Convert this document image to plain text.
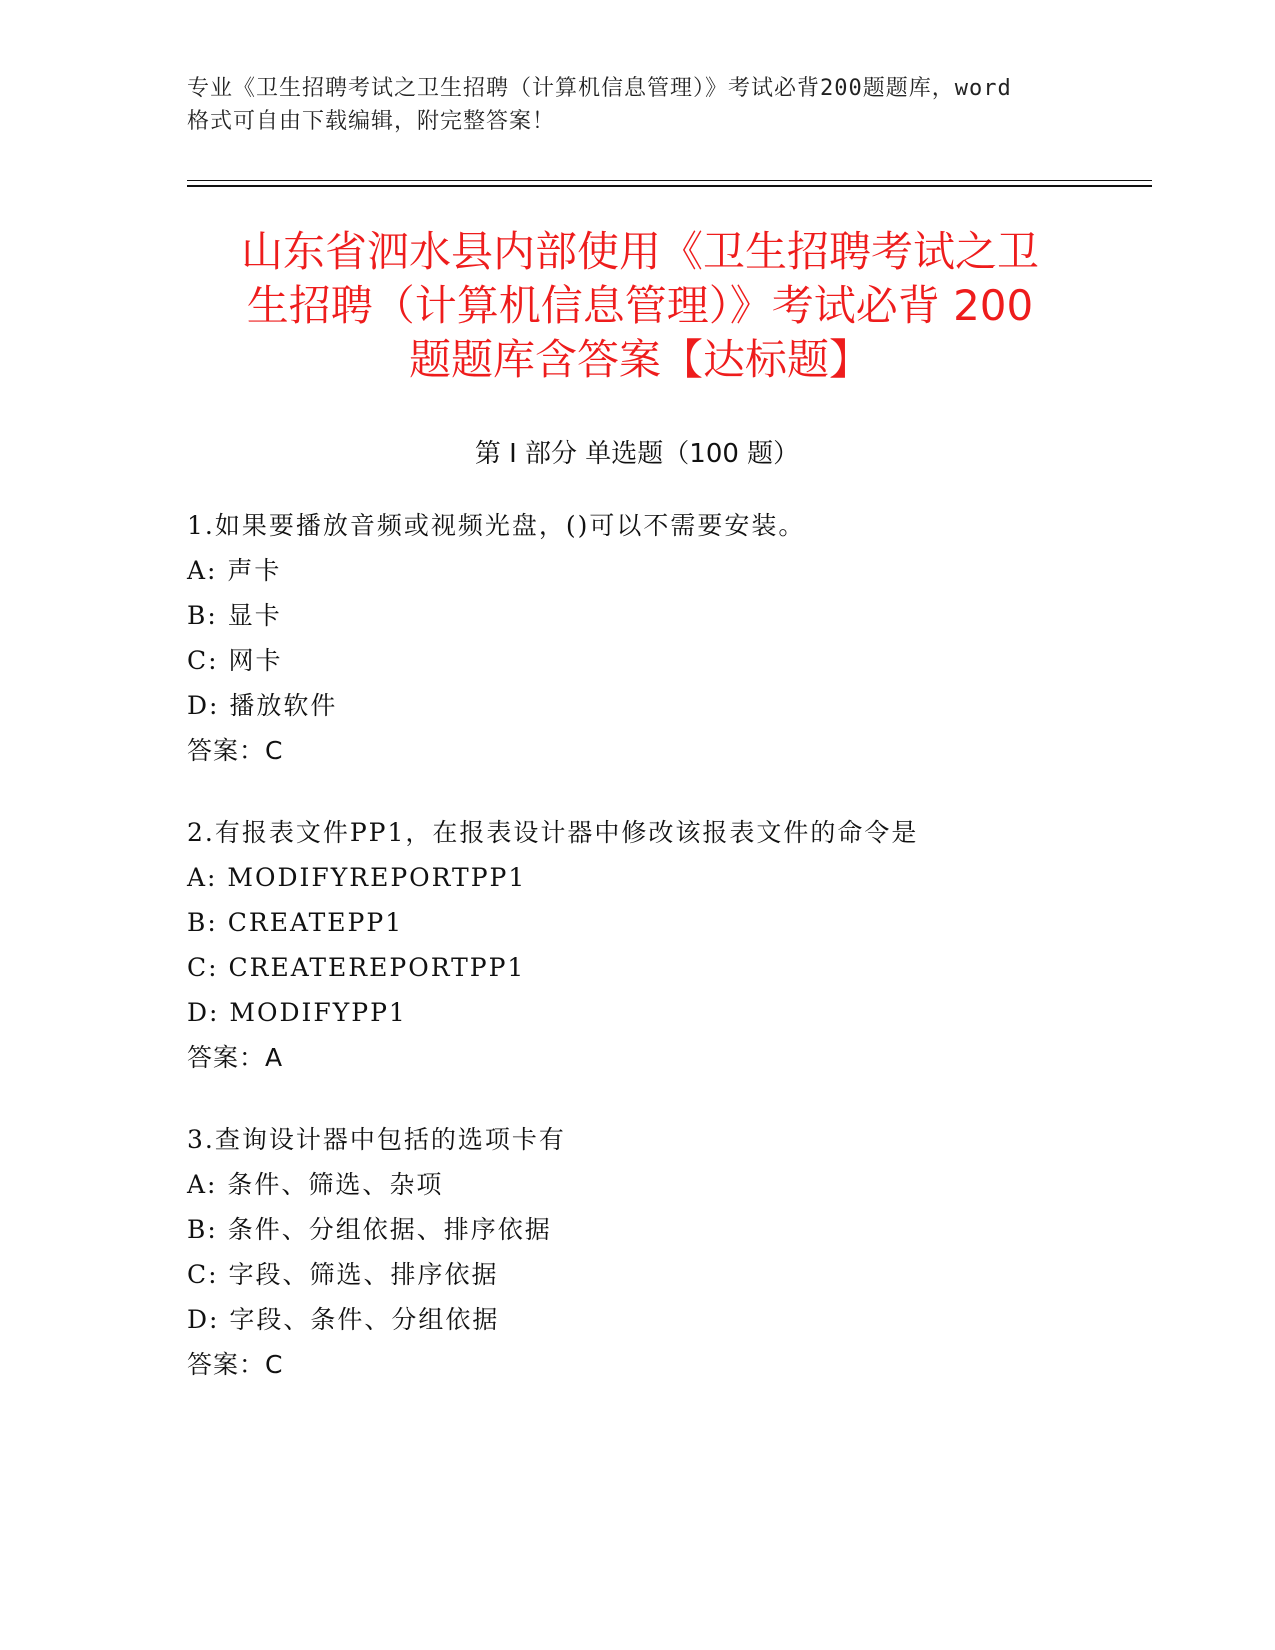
专业《卫生招聘考试之卫生招聘（计算机信息管理）》考试必背200题题库，word
格式可自由下载编辑，附完整答案！
山东省泗水县内部使用《卫生招聘考试之卫
生招聘（计算机信息管理）》考试必背 200
题题库含答案【达标题】
第 I 部分 单选题（100 题）
1.如果要播放音频或视频光盘，()可以不需要安装。
A: 声卡
B: 显卡
C: 网卡
D: 播放软件
答案：C
2.有报表文件PP1，在报表设计器中修改该报表文件的命令是
A: MODIFYREPORTPP1
B: CREATEPP1
C: CREATEREPORTPP1
D: MODIFYPP1
答案：A
3.查询设计器中包括的选项卡有
A: 条件、筛选、杂项
B: 条件、分组依据、排序依据
C: 字段、筛选、排序依据
D: 字段、条件、分组依据
答案：C
